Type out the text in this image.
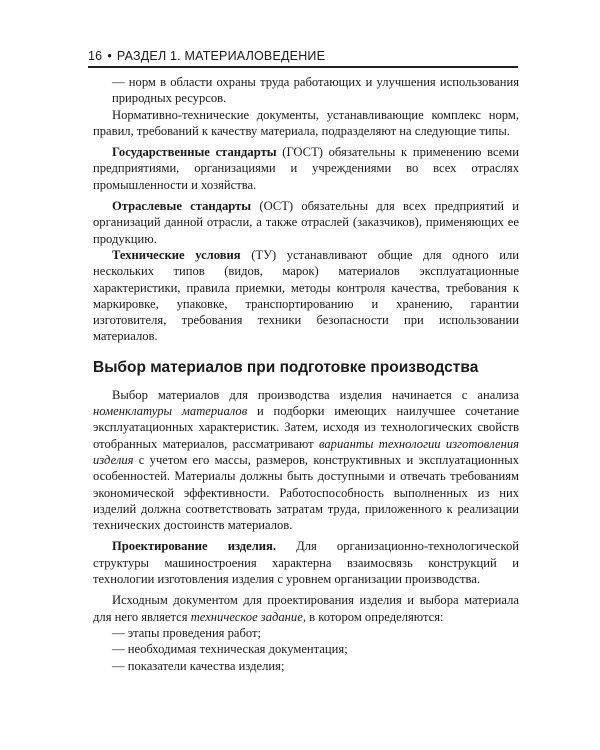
16 • РАЗДЕЛ 1. МАТЕРИАЛОВЕДЕНИЕ

— норм в области охраны труда работающих и улучшения использования природных ресурсов.

Нормативно-технические документы, устанавливающие комплекс норм, правил, требований к качеству материала, подразделяют на следующие типы.

Государственные стандарты (ГОСТ) обязательны к применению всеми предприятиями, организациями и учреждениями во всех отраслях промышленности и хозяйства.

Отраслевые стандарты (ОСТ) обязательны для всех предприятий и организаций данной отрасли, а также отраслей (заказчиков), применяющих ее продукцию.

Технические условия (ТУ) устанавливают общие для одного или нескольких типов (видов, марок) материалов эксплуатационные характеристики, правила приемки, методы контроля качества, требования к маркировке, упаковке, транспортированию и хранению, гарантии изготовителя, требования техники безопасности при использовании материалов.

Выбор материалов при подготовке производства

Выбор материалов для производства изделия начинается с анализа номенклатуры материалов и подборки имеющих наилучшее сочетание эксплуатационных характеристик. Затем, исходя из технологических свойств отобранных материалов, рассматривают варианты технологии изготовления изделия с учетом его массы, размеров, конструктивных и эксплуатационных особенностей. Материалы должны быть доступными и отвечать требованиям экономической эффективности. Работоспособность выполненных из них изделий должна соответствовать затратам труда, приложенного к реализации технических достоинств материалов.

Проектирование изделия. Для организационно-технологической структуры машиностроения характерна взаимосвязь конструкций и технологии изготовления изделия с уровнем организации производства.

Исходным документом для проектирования изделия и выбора материала для него является техническое задание, в котором определяются:

— этапы проведения работ;

— необходимая техническая документация;

— показатели качества изделия;
